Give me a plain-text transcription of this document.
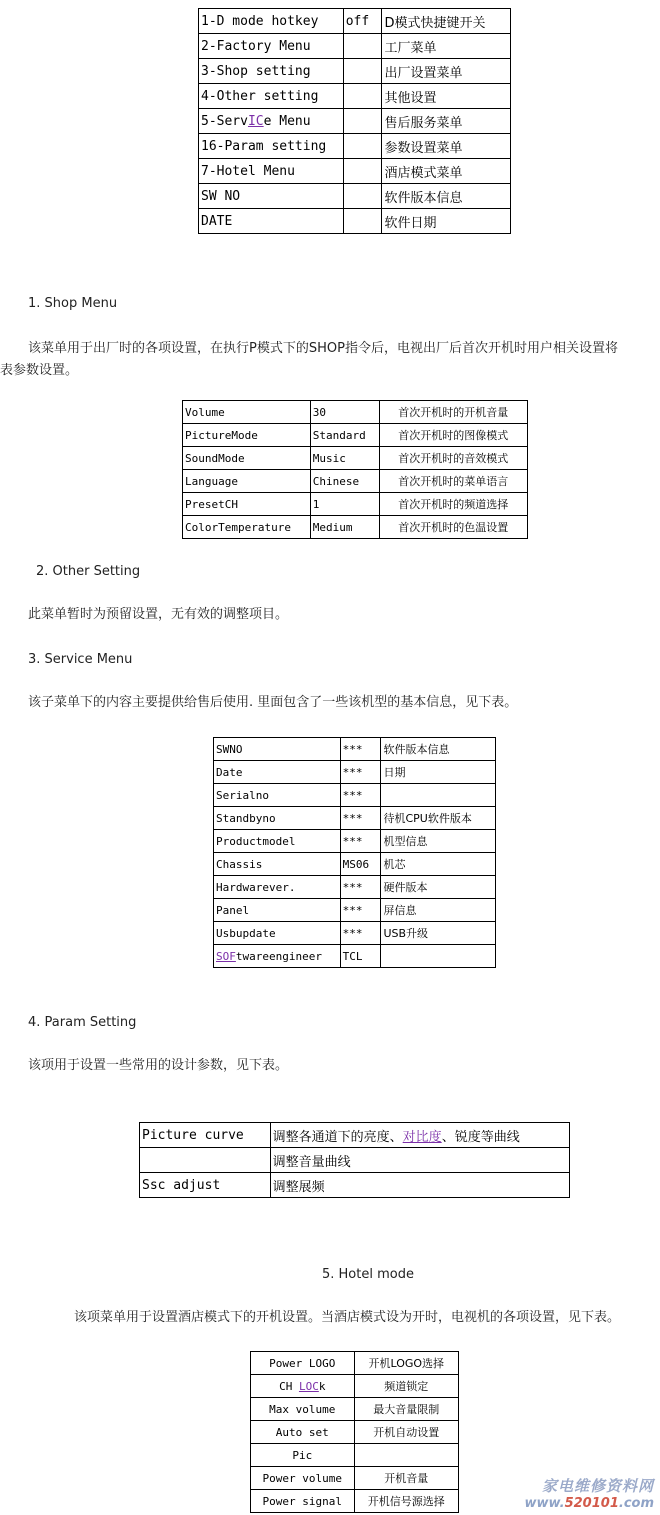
1-D mode hotkey	off	D模式快捷键开关
2-Factory Menu		工厂菜单
3-Shop setting		出厂设置菜单
4-Other setting		其他设置
5-ServICe Menu		售后服务菜单
16-Param setting		参数设置菜单
7-Hotel Menu		酒店模式菜单
SW NO		软件版本信息
DATE		软件日期
1. Shop Menu
该菜单用于出厂时的各项设置，在执行P模式下的SHOP指令后，电视出厂后首次开机时用户相关设置将
表参数设置。
Volume	30	首次开机时的开机音量
PictureMode	Standard	首次开机时的图像模式
SoundMode	Music	首次开机时的音效模式
Language	Chinese	首次开机时的菜单语言
PresetCH	1	首次开机时的频道选择
ColorTemperature	Medium	首次开机时的色温设置
2. Other Setting
此菜单暂时为预留设置，无有效的调整项目。
3. Service Menu
该子菜单下的内容主要提供给售后使用. 里面包含了一些该机型的基本信息，见下表。
SWNO	***	软件版本信息
Date	***	日期
Serialno	***	
Standbyno	***	待机CPU软件版本
Productmodel	***	机型信息
Chassis	MS06	机芯
Hardwarever.	***	硬件版本
Panel	***	屏信息
Usbupdate	***	USB升级
SOFtwareengineer	TCL	
4. Param Setting
该项用于设置一些常用的设计参数，见下表。
Picture curve	调整各通道下的亮度、对比度、锐度等曲线
	调整音量曲线
Ssc adjust	调整展频
5. Hotel mode
该项菜单用于设置酒店模式下的开机设置。当酒店模式设为开时，电视机的各项设置，见下表。
Power LOGO	开机LOGO选择
CH LOCk	频道锁定
Max volume	最大音量限制
Auto set	开机自动设置
Pic	
Power volume	开机音量
Power signal	开机信号源选择
家电维修资料网
www.520101.com
